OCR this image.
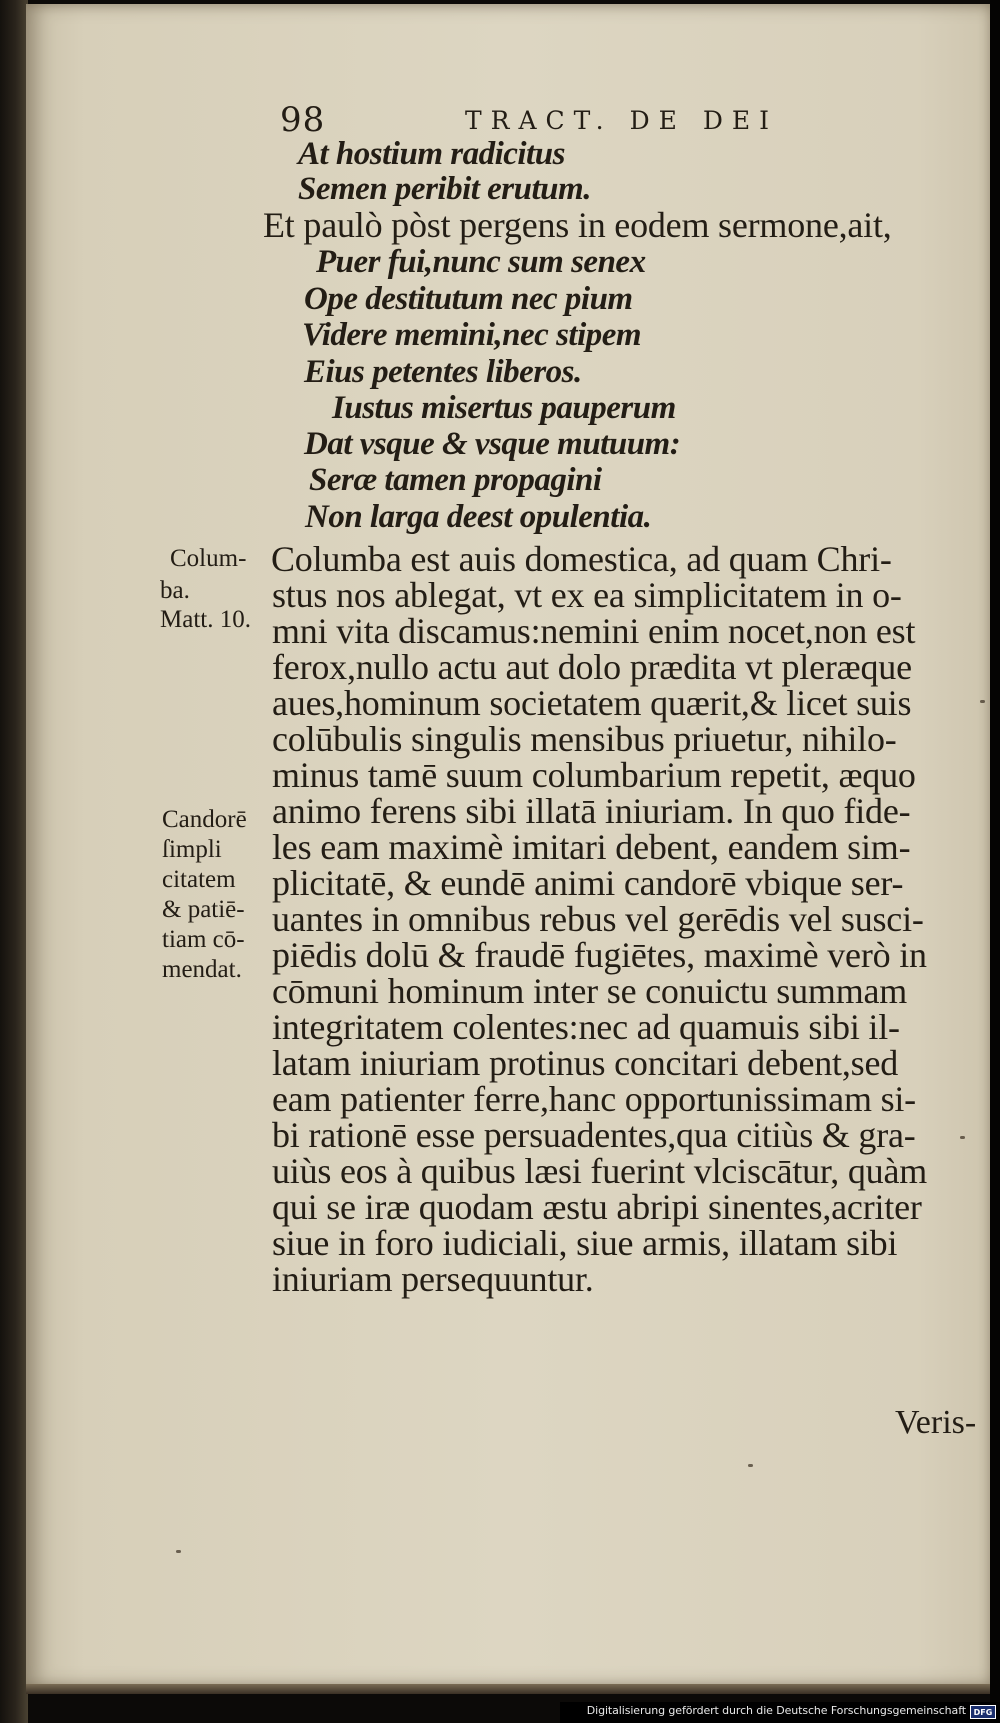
98	TRACT. DE DEI
At hostium radicitus
Semen peribit erutum.
Et paulò pòst pergens in eodem sermone,ait,
Puer fui,nunc sum senex
Ope destitutum nec pium
Videre memini,nec stipem
Eius petentes liberos.
Iustus misertus pauperum
Dat vsque & vsque mutuum:
Seræ tamen propagini
Non larga deest opulentia.
Colum-
ba.
Matt. 10.
Candorē
ſimpli
citatem
& patiē-
tiam cō-
mendat.
Columba est auis domestica, ad quam Chri-
stus nos ablegat, vt ex ea simplicitatem in o-
mni vita discamus:nemini enim nocet,non est
ferox,nullo actu aut dolo prædita vt pleræque
aues,hominum societatem quærit,& licet suis
colūbulis singulis mensibus priuetur, nihilo-
minus tamē suum columbarium repetit, æquo
animo ferens sibi illatā iniuriam. In quo fide-
les eam maximè imitari debent, eandem sim-
plicitatē, & eundē animi candorē vbique ser-
uantes in omnibus rebus vel gerēdis vel susci-
piēdis dolū & fraudē fugiētes, maximè verò in
cōmuni hominum inter se conuictu summam
integritatem colentes:nec ad quamuis sibi il-
latam iniuriam protinus concitari debent,sed
eam patienter ferre,hanc opportunissimam si-
bi rationē esse persuadentes,qua citiùs & gra-
uiùs eos à quibus læsi fuerint vlciscātur, quàm
qui se iræ quodam æstu abripi sinentes,acriter
siue in foro iudiciali, siue armis, illatam sibi
iniuriam persequuntur.
Veris-
Digitalisierung gefördert durch die Deutsche Forschungsgemeinschaft DFG
